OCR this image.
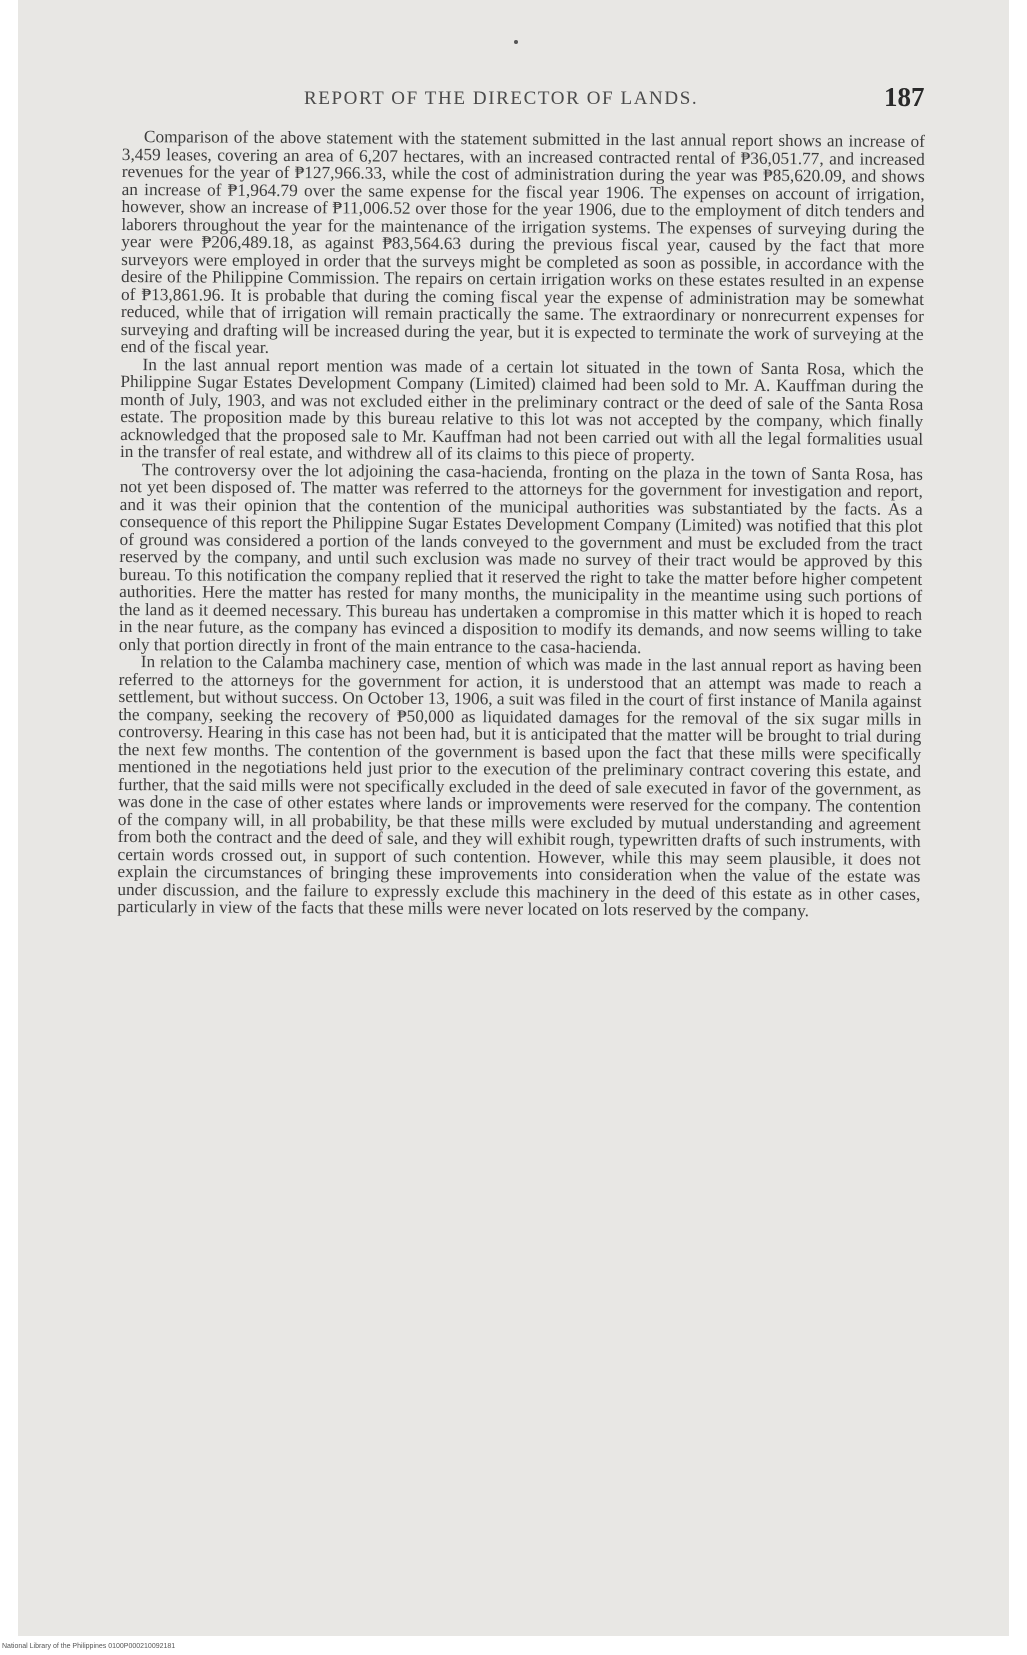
REPORT OF THE DIRECTOR OF LANDS.	187

Comparison of the above statement with the statement submitted in the last annual report shows an increase of 3,459 leases, covering an area of 6,207 hectares, with an increased contracted rental of ₱36,051.77, and increased revenues for the year of ₱127,966.33, while the cost of administration during the year was ₱85,620.09, and shows an increase of ₱1,964.79 over the same expense for the fiscal year 1906. The expenses on account of irrigation, however, show an increase of ₱11,006.52 over those for the year 1906, due to the employment of ditch tenders and laborers throughout the year for the maintenance of the irrigation systems. The expenses of surveying during the year were ₱206,489.18, as against ₱83,564.63 during the previous fiscal year, caused by the fact that more surveyors were employed in order that the surveys might be completed as soon as possible, in accordance with the desire of the Philippine Commission. The repairs on certain irrigation works on these estates resulted in an expense of ₱13,861.96. It is probable that during the coming fiscal year the expense of administration may be somewhat reduced, while that of irrigation will remain practically the same. The extraordinary or nonrecurrent expenses for surveying and drafting will be increased during the year, but it is expected to terminate the work of surveying at the end of the fiscal year.

In the last annual report mention was made of a certain lot situated in the town of Santa Rosa, which the Philippine Sugar Estates Development Company (Limited) claimed had been sold to Mr. A. Kauffman during the month of July, 1903, and was not excluded either in the preliminary contract or the deed of sale of the Santa Rosa estate. The proposition made by this bureau relative to this lot was not accepted by the company, which finally acknowledged that the proposed sale to Mr. Kauffman had not been carried out with all the legal formalities usual in the transfer of real estate, and withdrew all of its claims to this piece of property.

The controversy over the lot adjoining the casa-hacienda, fronting on the plaza in the town of Santa Rosa, has not yet been disposed of. The matter was referred to the attorneys for the government for investigation and report, and it was their opinion that the contention of the municipal authorities was substantiated by the facts. As a consequence of this report the Philippine Sugar Estates Development Company (Limited) was notified that this plot of ground was considered a portion of the lands conveyed to the government and must be excluded from the tract reserved by the company, and until such exclusion was made no survey of their tract would be approved by this bureau. To this notification the company replied that it reserved the right to take the matter before higher competent authorities. Here the matter has rested for many months, the municipality in the meantime using such portions of the land as it deemed necessary. This bureau has undertaken a compromise in this matter which it is hoped to reach in the near future, as the company has evinced a disposition to modify its demands, and now seems willing to take only that portion directly in front of the main entrance to the casa-hacienda.

In relation to the Calamba machinery case, mention of which was made in the last annual report as having been referred to the attorneys for the government for action, it is understood that an attempt was made to reach a settlement, but without success. On October 13, 1906, a suit was filed in the court of first instance of Manila against the company, seeking the recovery of ₱50,000 as liquidated damages for the removal of the six sugar mills in controversy. Hearing in this case has not been had, but it is anticipated that the matter will be brought to trial during the next few months. The contention of the government is based upon the fact that these mills were specifically mentioned in the negotiations held just prior to the execution of the preliminary contract covering this estate, and further, that the said mills were not specifically excluded in the deed of sale executed in favor of the government, as was done in the case of other estates where lands or improvements were reserved for the company. The contention of the company will, in all probability, be that these mills were excluded by mutual understanding and agreement from both the contract and the deed of sale, and they will exhibit rough, typewritten drafts of such instruments, with certain words crossed out, in support of such contention. However, while this may seem plausible, it does not explain the circumstances of bringing these improvements into consideration when the value of the estate was under discussion, and the failure to expressly exclude this machinery in the deed of this estate as in other cases, particularly in view of the facts that these mills were never located on lots reserved by the company.

National Library of the Philippines 0100P000210092181
